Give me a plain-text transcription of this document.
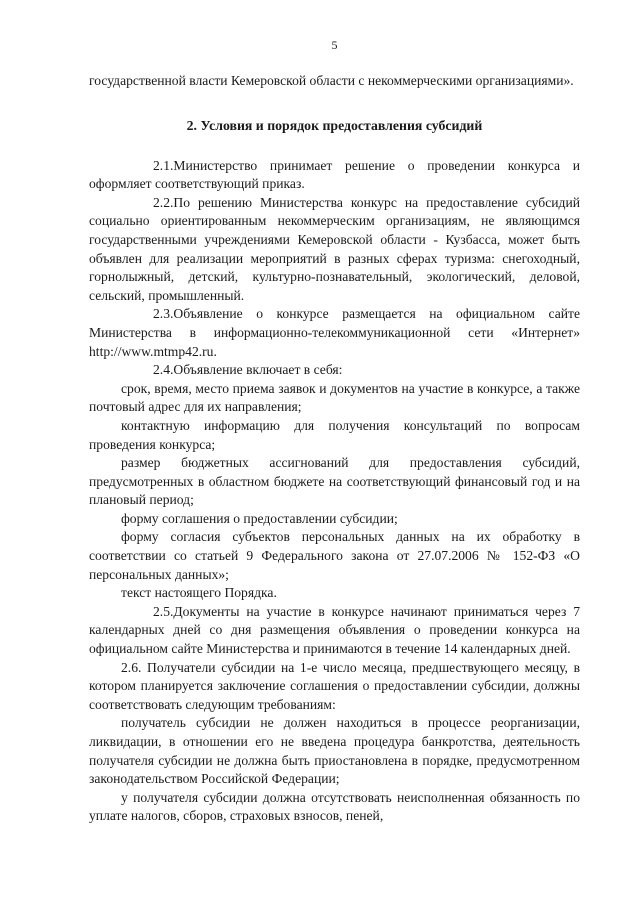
5

государственной власти Кемеровской области с некоммерческими организациями».

2. Условия и порядок предоставления субсидий

2.1.Министерство принимает решение о проведении конкурса и оформляет соответствующий приказ.

2.2.По решению Министерства конкурс на предоставление субсидий социально ориентированным некоммерческим организациям, не являющимся государственными учреждениями Кемеровской области - Кузбасса, может быть объявлен для реализации мероприятий в разных сферах туризма: снегоходный, горнолыжный, детский, культурно-познавательный, экологический, деловой, сельский, промышленный.

2.3.Объявление о конкурсе размещается на официальном сайте Министерства в информационно-телекоммуникационной сети «Интернет» http://www.mtmp42.ru.

2.4.Объявление включает в себя:

срок, время, место приема заявок и документов на участие в конкурсе, а также почтовый адрес для их направления;

контактную информацию для получения консультаций по вопросам проведения конкурса;

размер бюджетных ассигнований для предоставления субсидий, предусмотренных в областном бюджете на соответствующий финансовый год и на плановый период;

форму соглашения о предоставлении субсидии;

форму согласия субъектов персональных данных на их обработку в соответствии со статьей 9 Федерального закона от 27.07.2006 № 152-ФЗ «О персональных данных»;

текст настоящего Порядка.

2.5.Документы на участие в конкурсе начинают приниматься через 7 календарных дней со дня размещения объявления о проведении конкурса на официальном сайте Министерства и принимаются в течение 14 календарных дней.

2.6. Получатели субсидии на 1-е число месяца, предшествующего месяцу, в котором планируется заключение соглашения о предоставлении субсидии, должны соответствовать следующим требованиям:

получатель субсидии не должен находиться в процессе реорганизации, ликвидации, в отношении его не введена процедура банкротства, деятельность получателя субсидии не должна быть приостановлена в порядке, предусмотренном законодательством Российской Федерации;

у получателя субсидии должна отсутствовать неисполненная обязанность по уплате налогов, сборов, страховых взносов, пеней,
